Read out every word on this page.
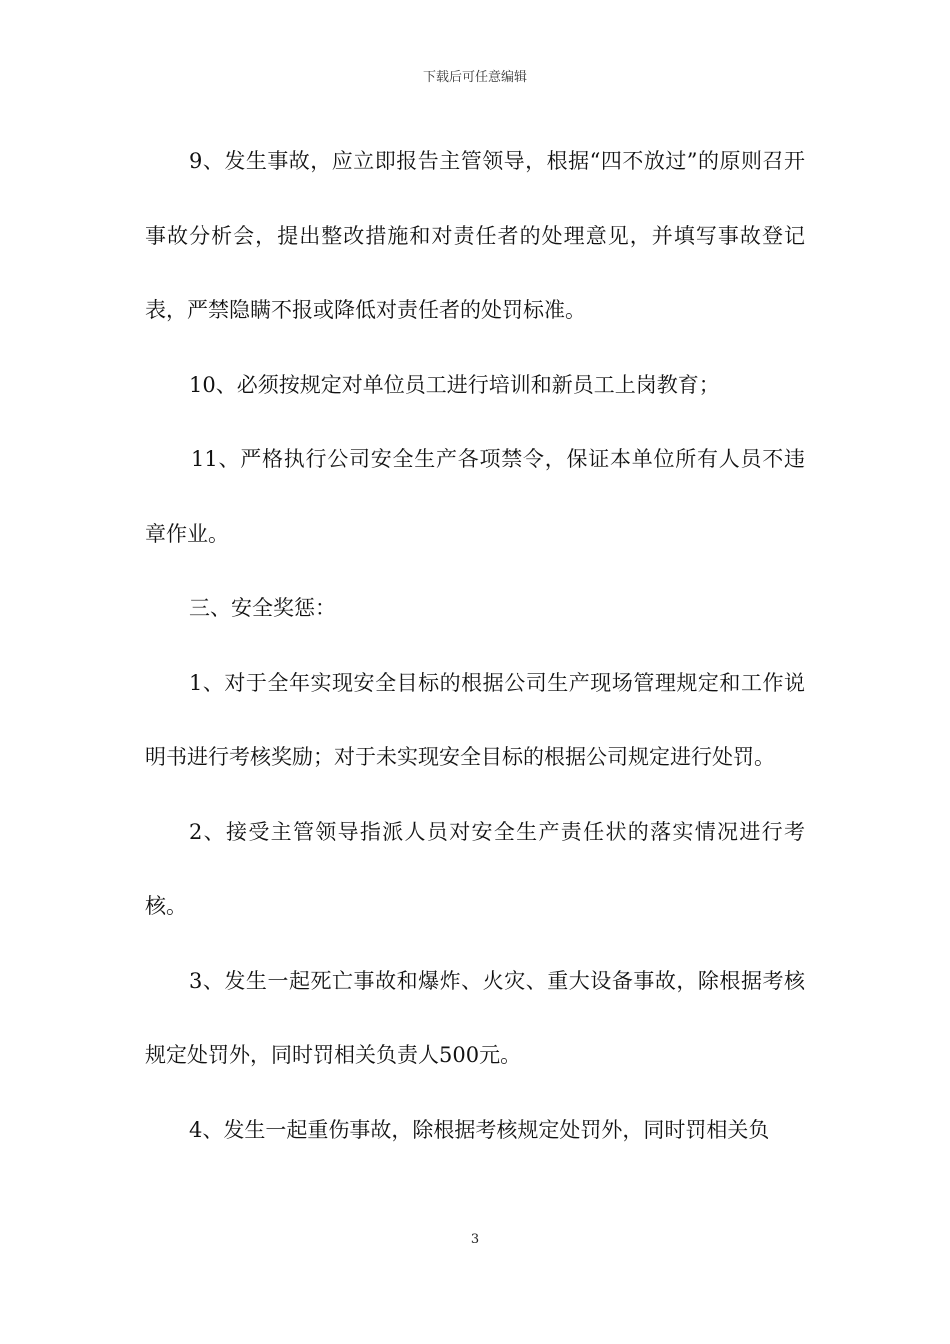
下载后可任意编辑

9、发生事故，应立即报告主管领导，根据“四不放过”的原则召开事故分析会，提出整改措施和对责任者的处理意见，并填写事故登记表，严禁隐瞒不报或降低对责任者的处罚标准。

10、必须按规定对单位员工进行培训和新员工上岗教育；

11、严格执行公司安全生产各项禁令，保证本单位所有人员不违章作业。

三、安全奖惩：

1、对于全年实现安全目标的根据公司生产现场管理规定和工作说明书进行考核奖励；对于未实现安全目标的根据公司规定进行处罚。

2、接受主管领导指派人员对安全生产责任状的落实情况进行考核。

3、发生一起死亡事故和爆炸、火灾、重大设备事故，除根据考核规定处罚外，同时罚相关负责人500元。

4、发生一起重伤事故，除根据考核规定处罚外，同时罚相关负

3
